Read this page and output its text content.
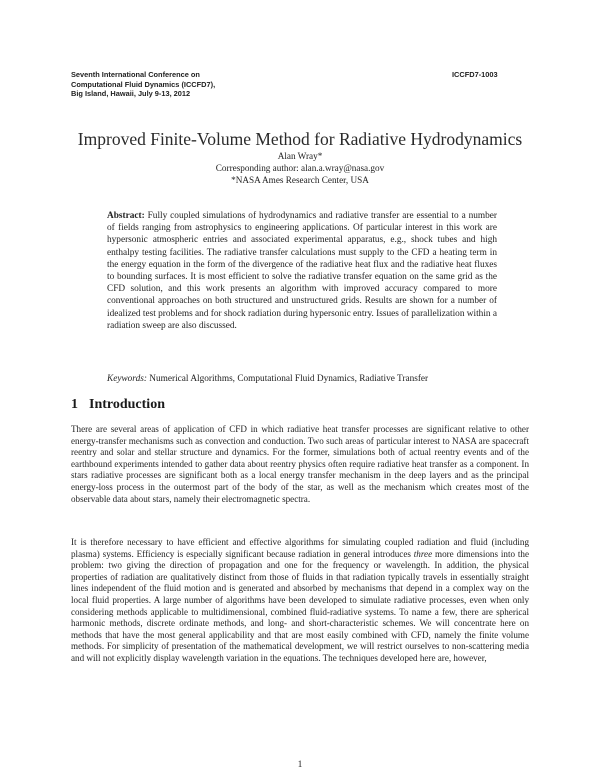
Seventh International Conference on
Computational Fluid Dynamics (ICCFD7),
Big Island, Hawaii, July 9-13, 2012
ICCFD7-1003
Improved Finite-Volume Method for Radiative Hydrodynamics
Alan Wray*
Corresponding author: alan.a.wray@nasa.gov
*NASA Ames Research Center, USA
Abstract: Fully coupled simulations of hydrodynamics and radiative transfer are essential to a number of fields ranging from astrophysics to engineering applications. Of particular interest in this work are hypersonic atmospheric entries and associated experimental apparatus, e.g., shock tubes and high enthalpy testing facilities. The radiative transfer calculations must supply to the CFD a heating term in the energy equation in the form of the divergence of the radiative heat flux and the radiative heat fluxes to bounding surfaces. It is most efficient to solve the radiative transfer equation on the same grid as the CFD solution, and this work presents an algorithm with improved accuracy compared to more conventional approaches on both structured and unstructured grids. Results are shown for a number of idealized test problems and for shock radiation during hypersonic entry. Issues of parallelization within a radiation sweep are also discussed.
Keywords: Numerical Algorithms, Computational Fluid Dynamics, Radiative Transfer
1 Introduction
There are several areas of application of CFD in which radiative heat transfer processes are significant relative to other energy-transfer mechanisms such as convection and conduction. Two such areas of particular interest to NASA are spacecraft reentry and solar and stellar structure and dynamics. For the former, simulations both of actual reentry events and of the earthbound experiments intended to gather data about reentry physics often require radiative heat transfer as a component. In stars radiative processes are significant both as a local energy transfer mechanism in the deep layers and as the principal energy-loss process in the outermost part of the body of the star, as well as the mechanism which creates most of the observable data about stars, namely their electromagnetic spectra.
It is therefore necessary to have efficient and effective algorithms for simulating coupled radiation and fluid (including plasma) systems. Efficiency is especially significant because radiation in general introduces three more dimensions into the problem: two giving the direction of propagation and one for the frequency or wavelength. In addition, the physical properties of radiation are qualitatively distinct from those of fluids in that radiation typically travels in essentially straight lines independent of the fluid motion and is generated and absorbed by mechanisms that depend in a complex way on the local fluid properties. A large number of algorithms have been developed to simulate radiative processes, even when only considering methods applicable to multidimensional, combined fluid-radiative systems. To name a few, there are spherical harmonic methods, discrete ordinate methods, and long- and short-characteristic schemes. We will concentrate here on methods that have the most general applicability and that are most easily combined with CFD, namely the finite volume methods. For simplicity of presentation of the mathematical development, we will restrict ourselves to non-scattering media and will not explicitly display wavelength variation in the equations. The techniques developed here are, however,
1
